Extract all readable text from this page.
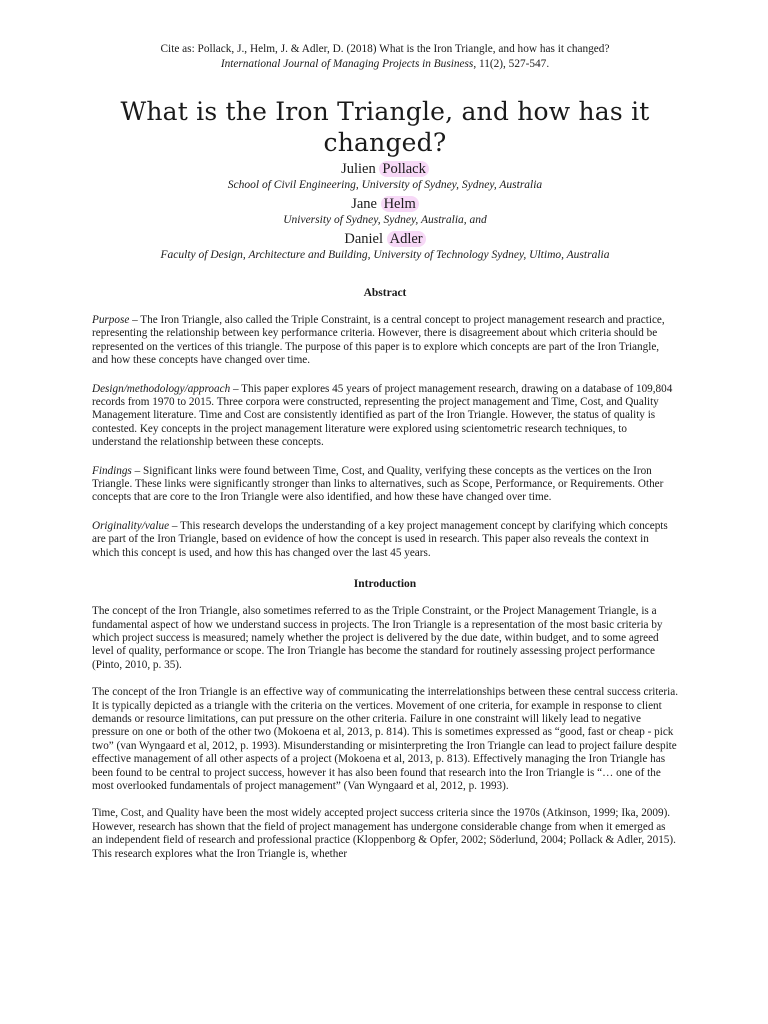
Cite as: Pollack, J., Helm, J. & Adler, D. (2018) What is the Iron Triangle, and how has it changed?
International Journal of Managing Projects in Business, 11(2), 527-547.
What is the Iron Triangle, and how has it changed?
Julien Pollack
School of Civil Engineering, University of Sydney, Sydney, Australia
Jane Helm
University of Sydney, Sydney, Australia, and
Daniel Adler
Faculty of Design, Architecture and Building, University of Technology Sydney, Ultimo, Australia
Abstract

Purpose – The Iron Triangle, also called the Triple Constraint, is a central concept to project management research and practice, representing the relationship between key performance criteria. However, there is disagreement about which criteria should be represented on the vertices of this triangle. The purpose of this paper is to explore which concepts are part of the Iron Triangle, and how these concepts have changed over time.

Design/methodology/approach – This paper explores 45 years of project management research, drawing on a database of 109,804 records from 1970 to 2015. Three corpora were constructed, representing the project management and Time, Cost, and Quality Management literature. Time and Cost are consistently identified as part of the Iron Triangle. However, the status of quality is contested. Key concepts in the project management literature were explored using scientometric research techniques, to understand the relationship between these concepts.

Findings – Significant links were found between Time, Cost, and Quality, verifying these concepts as the vertices on the Iron Triangle. These links were significantly stronger than links to alternatives, such as Scope, Performance, or Requirements. Other concepts that are core to the Iron Triangle were also identified, and how these have changed over time.

Originality/value – This research develops the understanding of a key project management concept by clarifying which concepts are part of the Iron Triangle, based on evidence of how the concept is used in research. This paper also reveals the context in which this concept is used, and how this has changed over the last 45 years.

Introduction

The concept of the Iron Triangle, also sometimes referred to as the Triple Constraint, or the Project Management Triangle, is a fundamental aspect of how we understand success in projects. The Iron Triangle is a representation of the most basic criteria by which project success is measured; namely whether the project is delivered by the due date, within budget, and to some agreed level of quality, performance or scope. The Iron Triangle has become the standard for routinely assessing project performance (Pinto, 2010, p. 35).

The concept of the Iron Triangle is an effective way of communicating the interrelationships between these central success criteria. It is typically depicted as a triangle with the criteria on the vertices. Movement of one criteria, for example in response to client demands or resource limitations, can put pressure on the other criteria. Failure in one constraint will likely lead to negative pressure on one or both of the other two (Mokoena et al, 2013, p. 814). This is sometimes expressed as “good, fast or cheap - pick two” (van Wyngaard et al, 2012, p. 1993). Misunderstanding or misinterpreting the Iron Triangle can lead to project failure despite effective management of all other aspects of a project (Mokoena et al, 2013, p. 813). Effectively managing the Iron Triangle has been found to be central to project success, however it has also been found that research into the Iron Triangle is “… one of the most overlooked fundamentals of project management” (Van Wyngaard et al, 2012, p. 1993).

Time, Cost, and Quality have been the most widely accepted project success criteria since the 1970s (Atkinson, 1999; Ika, 2009). However, research has shown that the field of project management has undergone considerable change from when it emerged as an independent field of research and professional practice (Kloppenborg & Opfer, 2002; Söderlund, 2004; Pollack & Adler, 2015). This research explores what the Iron Triangle is, whether
